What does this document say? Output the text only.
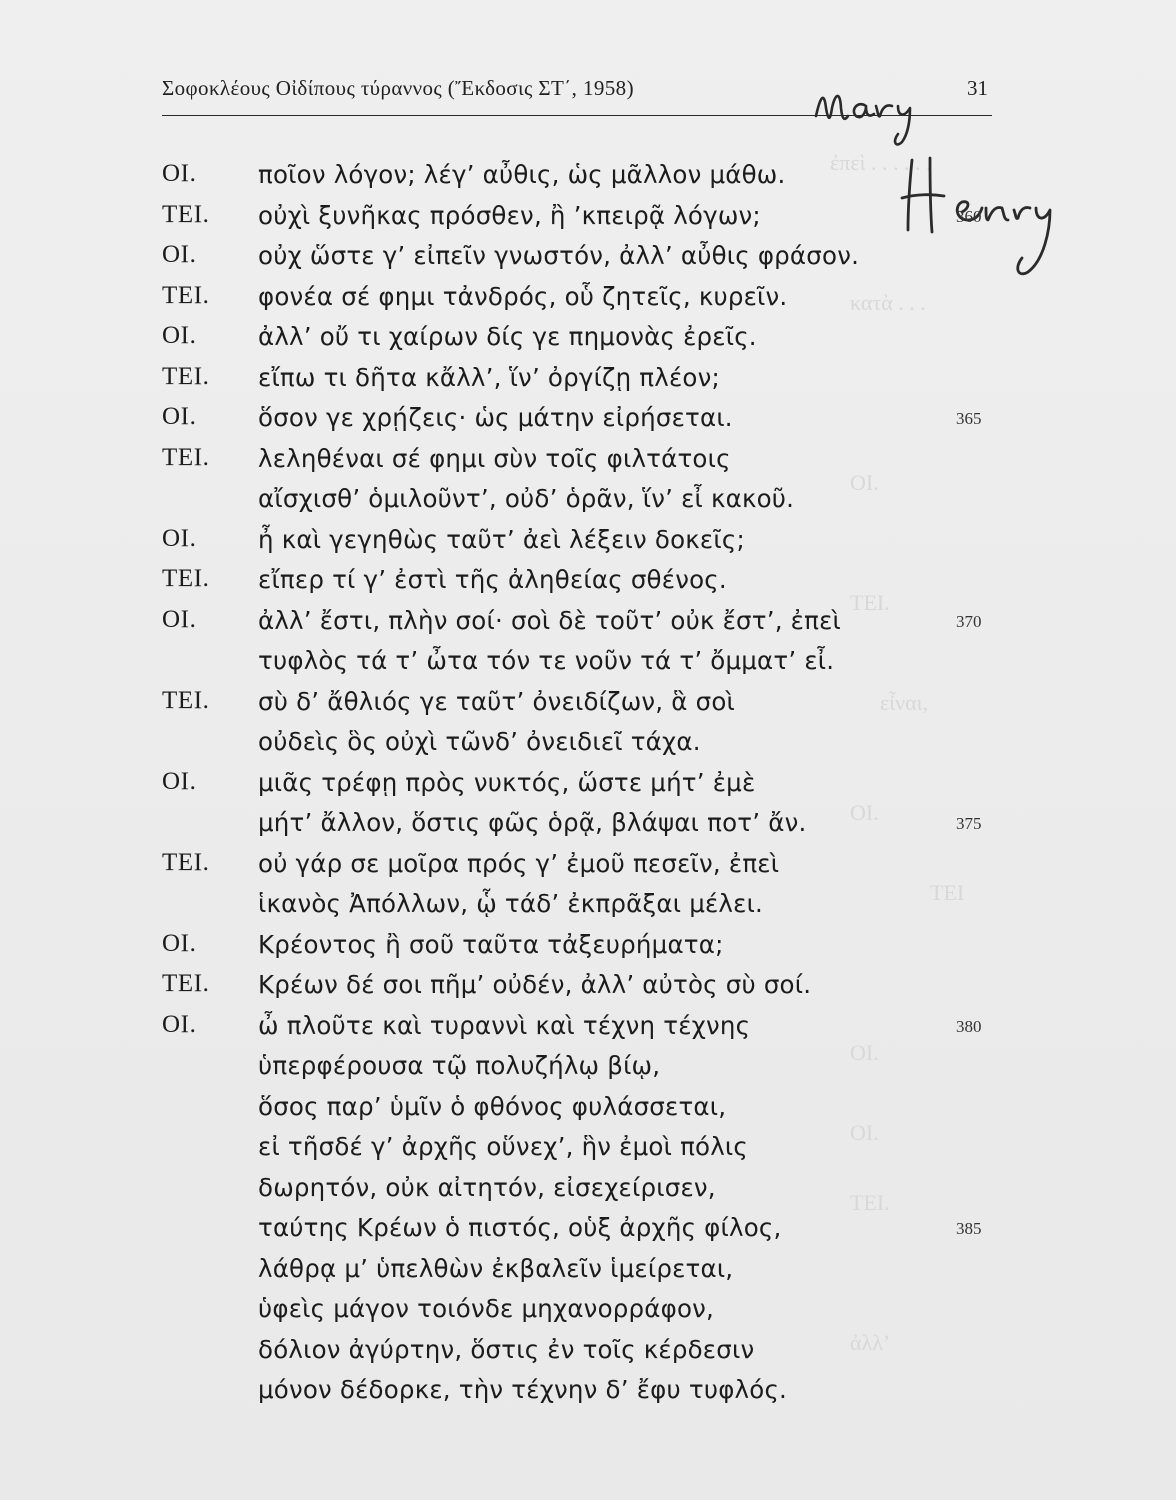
ἐπεὶ . . . . . .
κατὰ . . .
ΟΙ.
ΤΕΙ.
εἶναι,
ΟΙ.
ΤΕΙ
ΟΙ.
ΟΙ.
ΤΕΙ.
ἀλλ’
Σοφοκλέους Οἰδίπους τύραννος (Ἔκδοσις ΣΤ΄, 1958)	31
ΟΙ.	ποῖον λόγον; λέγ’ αὖθις, ὡς μᾶλλον μάθω.
ΤΕΙ. οὐχὶ ξυνῆκας πρόσθεν, ἢ ’κπειρᾷ λόγων;	360
ΟΙ.	οὐχ ὥστε γ’ εἰπεῖν γνωστόν, ἀλλ’ αὖθις φράσον.
ΤΕΙ. φονέα σέ φημι τἀνδρός, οὗ ζητεῖς, κυρεῖν.
ΟΙ.	ἀλλ’ οὔ τι χαίρων δίς γε πημονὰς ἐρεῖς.
ΤΕΙ. εἴπω τι δῆτα κἄλλ’, ἵν’ ὀργίζῃ πλέον;
ΟΙ.	ὅσον γε χρῄζεις· ὡς μάτην εἰρήσεται.	365
ΤΕΙ. λεληθέναι σέ φημι σὺν τοῖς φιλτάτοις
αἴσχισθ’ ὁμιλοῦντ’, οὐδ’ ὁρᾶν, ἵν’ εἶ κακοῦ.
ΟΙ.	ἦ καὶ γεγηθὼς ταῦτ’ ἀεὶ λέξειν δοκεῖς;
ΤΕΙ. εἴπερ τί γ’ ἐστὶ τῆς ἀληθείας σθένος.
ΟΙ.	ἀλλ’ ἔστι, πλὴν σοί· σοὶ δὲ τοῦτ’ οὐκ ἔστ’, ἐπεὶ	370
τυφλὸς τά τ’ ὦτα τόν τε νοῦν τά τ’ ὄμματ’ εἶ.
ΤΕΙ. σὺ δ’ ἄθλιός γε ταῦτ’ ὀνειδίζων, ἃ σοὶ
οὐδεὶς ὃς οὐχὶ τῶνδ’ ὀνειδιεῖ τάχα.
ΟΙ.	μιᾶς τρέφῃ πρὸς νυκτός, ὥστε μήτ’ ἐμὲ
μήτ’ ἄλλον, ὅστις φῶς ὁρᾷ, βλάψαι ποτ’ ἄν.	375
ΤΕΙ. οὐ γάρ σε μοῖρα πρός γ’ ἐμοῦ πεσεῖν, ἐπεὶ
ἱκανὸς Ἀπόλλων, ᾧ τάδ’ ἐκπρᾶξαι μέλει.
ΟΙ.	Κρέοντος ἢ σοῦ ταῦτα τἀξευρήματα;
ΤΕΙ. Κρέων δέ σοι πῆμ’ οὐδέν, ἀλλ’ αὐτὸς σὺ σοί.
ΟΙ.	ὦ πλοῦτε καὶ τυραννὶ καὶ τέχνη τέχνης	380
ὑπερφέρουσα τῷ πολυζήλῳ βίῳ,
ὅσος παρ’ ὑμῖν ὁ φθόνος φυλάσσεται,
εἰ τῆσδέ γ’ ἀρχῆς οὕνεχ’, ἣν ἐμοὶ πόλις
δωρητόν, οὐκ αἰτητόν, εἰσεχείρισεν,
ταύτης Κρέων ὁ πιστός, οὑξ ἀρχῆς φίλος,	385
λάθρᾳ μ’ ὑπελθὼν ἐκβαλεῖν ἱμείρεται,
ὑφεὶς μάγον τοιόνδε μηχανορράφον,
δόλιον ἀγύρτην, ὅστις ἐν τοῖς κέρδεσιν
μόνον δέδορκε, τὴν τέχνην δ’ ἔφυ τυφλός.
